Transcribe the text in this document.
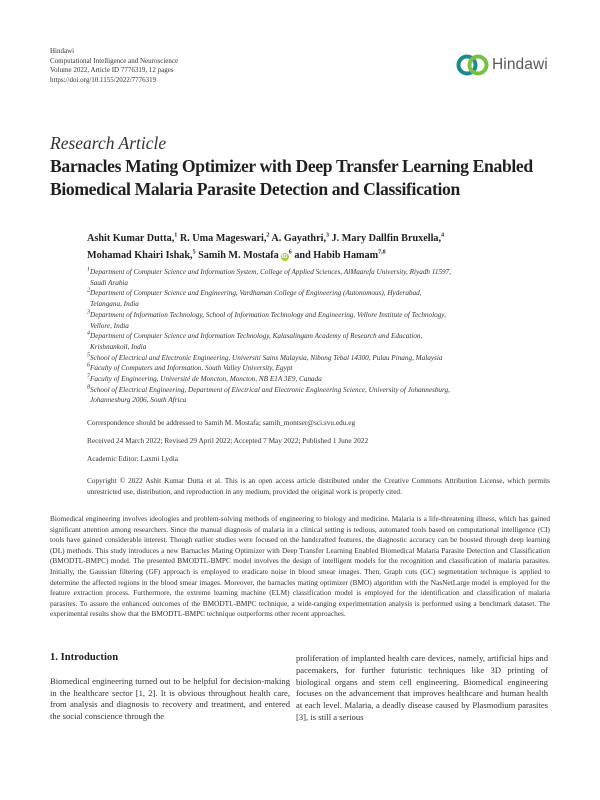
Hindawi
Computational Intelligence and Neuroscience
Volume 2022, Article ID 7776319, 12 pages
https://doi.org/10.1155/2022/7776319
Hindawi
Research Article
Barnacles Mating Optimizer with Deep Transfer Learning Enabled
Biomedical Malaria Parasite Detection and Classification
Ashit Kumar Dutta,$^1$ R. Uma Mageswari,$^2$ A. Gayathri,$^3$ J. Mary Dallfin Bruxella,$^4$
Mohamad Khairi Ishak,$^5$ Samih M. Mostafa $iD^6$ and Habib Hamam$^{7,8}$
$^1$Department of Computer Science and Information System, College of Applied Sciences, AlMaarefa University, Riyadh 11597,
Saudi Arabia
$^2$Department of Computer Science and Engineering, Vardhaman College of Engineering (Autonomous), Hyderabad,
Telangana, India
$^3$Department of Information Technology, School of Information Technology and Engineering, Vellore Institute of Technology,
Vellore, India
$^4$Department of Computer Science and Information Technology, Kalasalingam Academy of Research and Education,
Krishnankoil, India
$^5$School of Electrical and Electronic Engineering, Universiti Sains Malaysia, Nibong Tebal 14300, Pulau Pinang, Malaysia
$^6$Faculty of Computers and Information, South Valley University, Egypt
$^7$Faculty of Engineering, Université de Moncton, Moncton, NB E1A 3E9, Canada
$^8$School of Electrical Engineering, Department of Electrical and Electronic Engineering Science, University of Johannesburg,
Johannesburg 2006, South Africa
Correspondence should be addressed to Samih M. Mostafa; samih_montser@sci.svu.edu.eg
Received 24 March 2022; Revised 29 April 2022; Accepted 7 May 2022; Published 1 June 2022
Academic Editor: Laxmi Lydia
Copyright © 2022 Ashit Kumar Dutta et al. This is an open access article distributed under the Creative Commons Attribution License, which permits unrestricted use, distribution, and reproduction in any medium, provided the original work is properly cited.
Biomedical engineering involves ideologies and problem-solving methods of engineering to biology and medicine. Malaria is a life-threatening illness, which has gained significant attention among researchers. Since the manual diagnosis of malaria in a clinical setting is tedious, automated tools based on computational intelligence (CI) tools have gained considerable interest. Though earlier studies were focused on the handcrafted features, the diagnostic accuracy can be boosted through deep learning (DL) methods. This study introduces a new Barnacles Mating Optimizer with Deep Transfer Learning Enabled Biomedical Malaria Parasite Detection and Classification (BMODTL-BMPC) model. The presented BMODTL-BMPC model involves the design of intelligent models for the recognition and classification of malaria parasites. Initially, the Gaussian filtering (GF) approach is employed to eradicate noise in blood smear images. Then, Graph cuts (GC) segmentation technique is applied to determine the affected regions in the blood smear images. Moreover, the barnacles mating optimizer (BMO) algorithm with the NasNetLarge model is employed for the feature extraction process. Furthermore, the extreme learning machine (ELM) classification model is employed for the identification and classification of malaria parasites. To assure the enhanced outcomes of the BMODTL-BMPC technique, a wide-ranging experimentation analysis is performed using a benchmark dataset. The experimental results show that the BMODTL-BMPC technique outperforms other recent approaches.
1. Introduction
Biomedical engineering turned out to be helpful for decision-making in the healthcare sector [1, 2]. It is obvious throughout health care, from analysis and diagnosis to recovery and treatment, and entered the social conscience through the
proliferation of implanted health care devices, namely, artificial hips and pacemakers, for further futuristic techniques like 3D printing of biological organs and stem cell engineering. Biomedical engineering focuses on the advancement that improves healthcare and human health at each level. Malaria, a deadly disease caused by Plasmodium parasites [3], is still a serious
